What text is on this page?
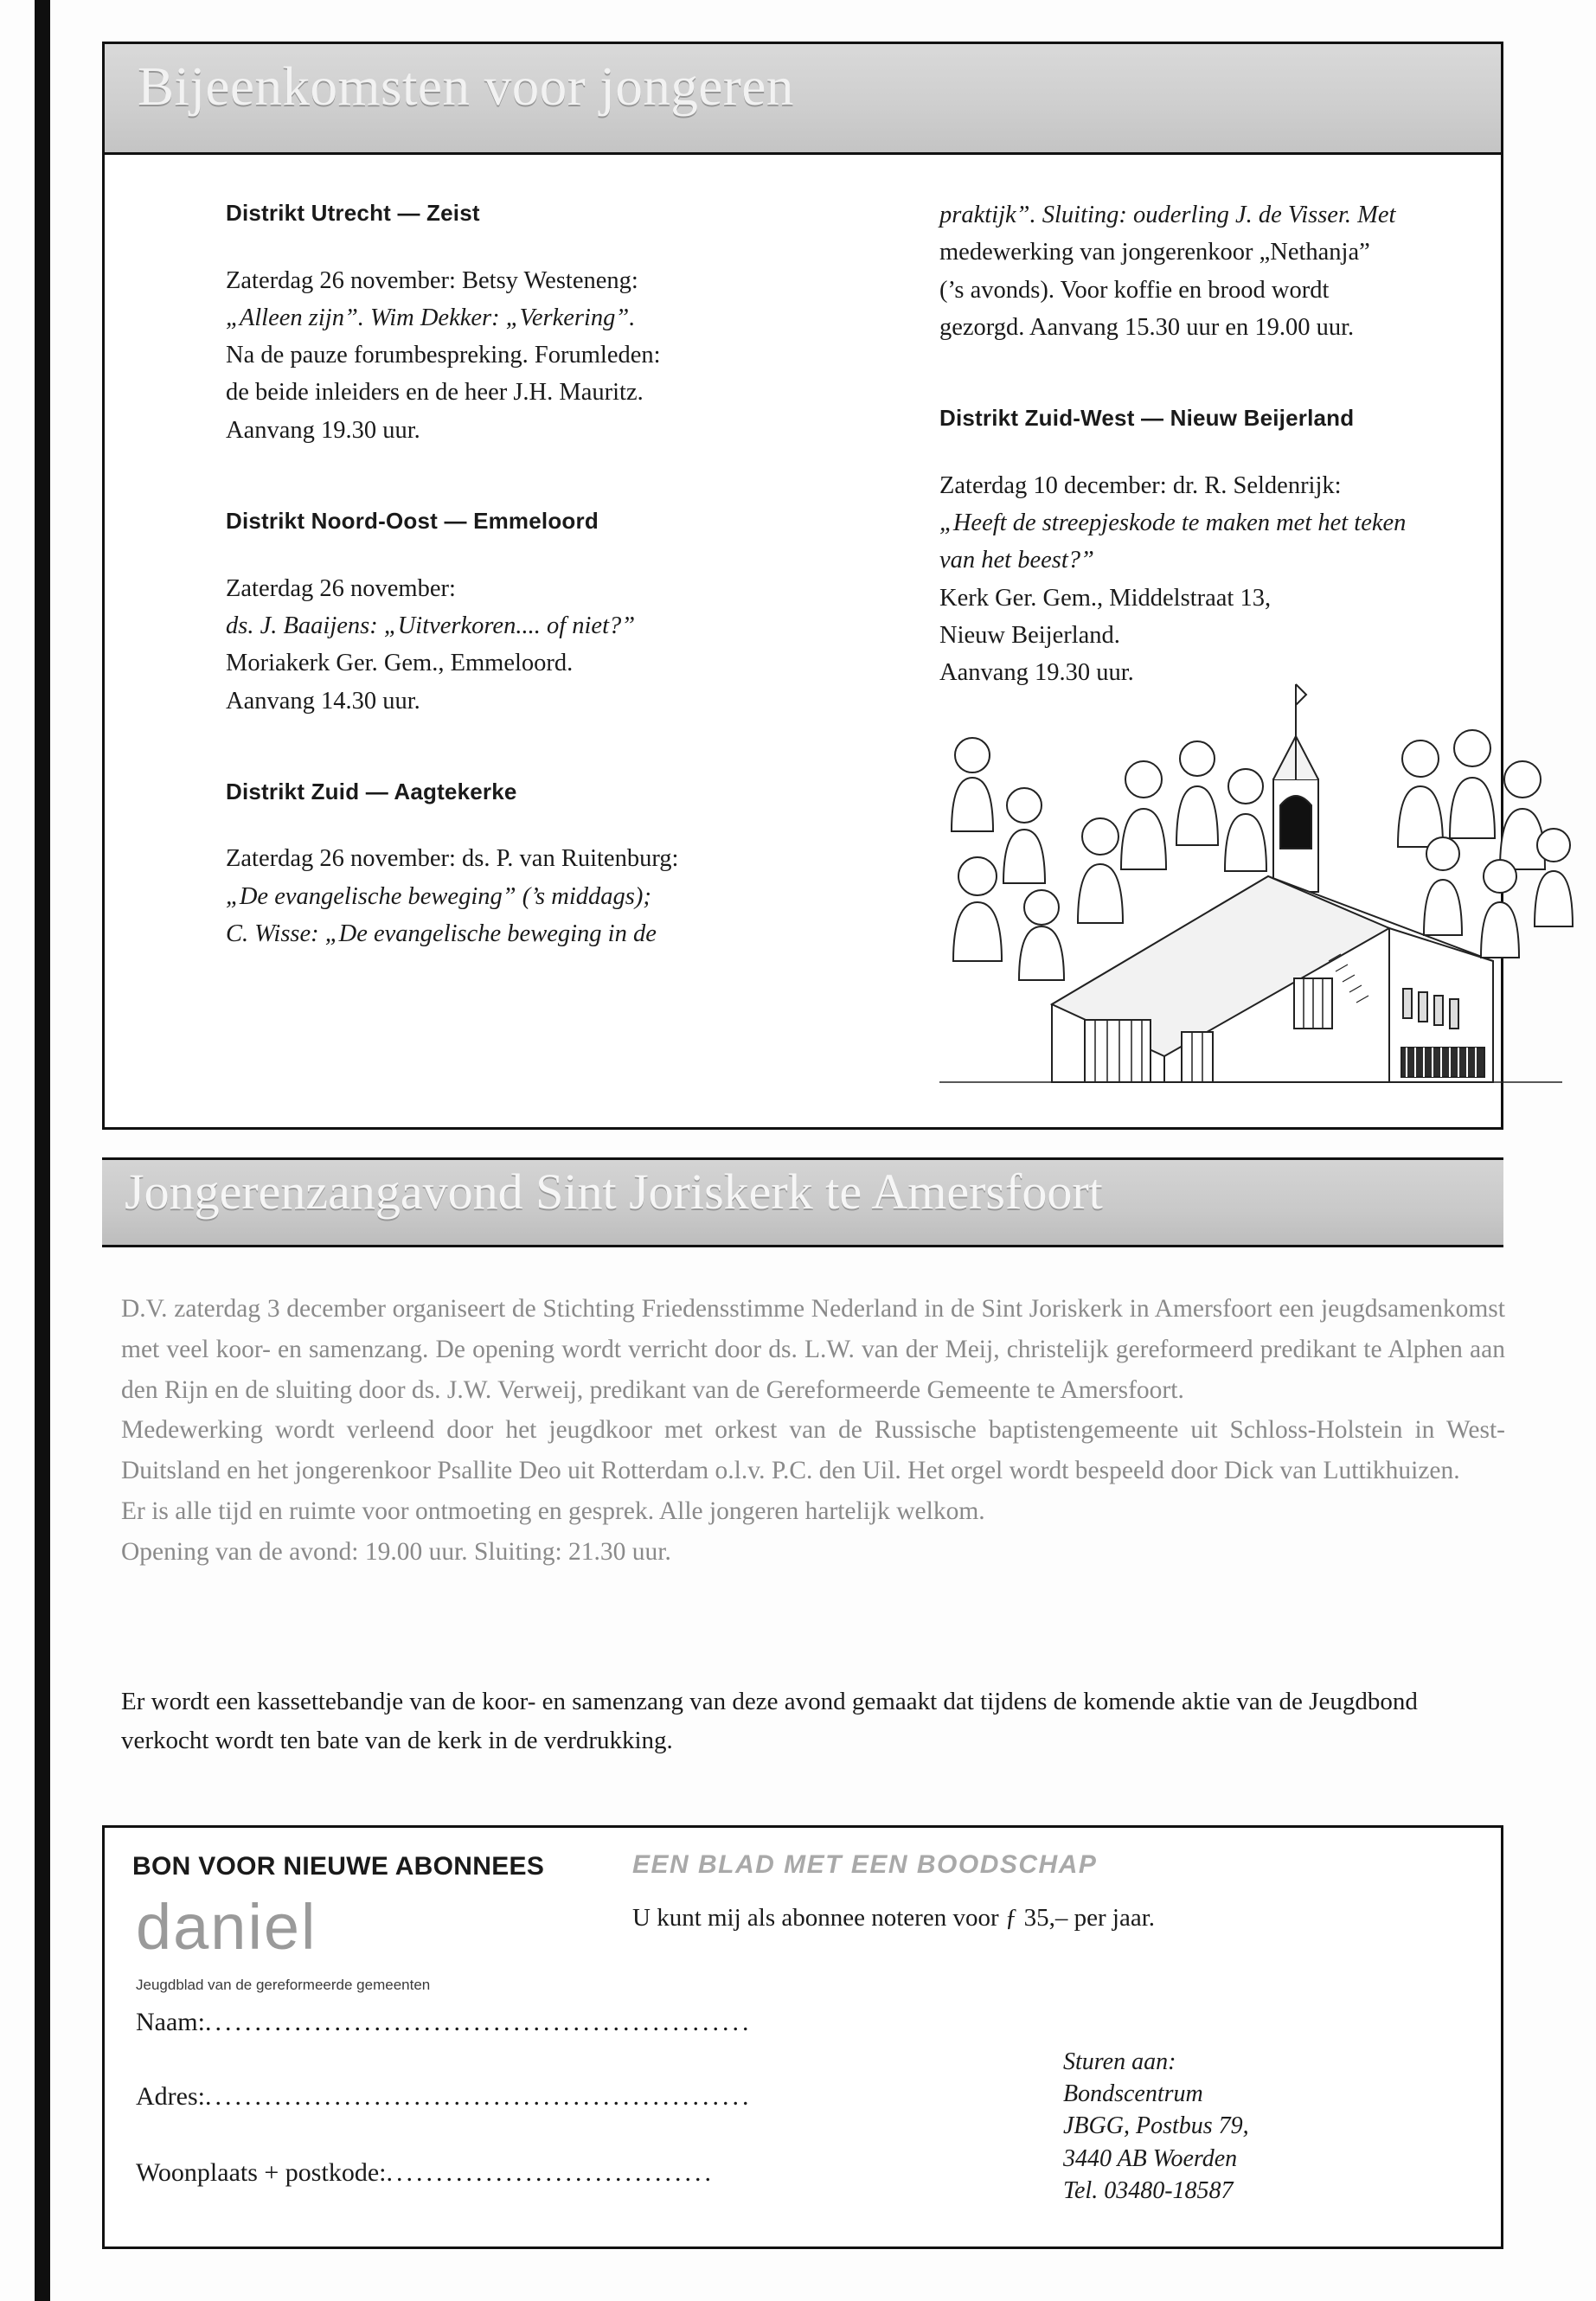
Bijeenkomsten voor jongeren
Distrikt Utrecht — Zeist
Zaterdag 26 november: Betsy Westeneng:
„Alleen zijn”. Wim Dekker: „Verkering”.
Na de pauze forumbespreking. Forumleden:
de beide inleiders en de heer J.H. Mauritz.
Aanvang 19.30 uur.
Distrikt Noord-Oost — Emmeloord
Zaterdag 26 november:
ds. J. Baaijens: „Uitverkoren.... of niet?”
Moriakerk Ger. Gem., Emmeloord.
Aanvang 14.30 uur.
Distrikt Zuid — Aagtekerke
Zaterdag 26 november: ds. P. van Ruitenburg:
„De evangelische beweging” (’s middags);
C. Wisse: „De evangelische beweging in de
praktijk”. Sluiting: ouderling J. de Visser. Met
medewerking van jongerenkoor „Nethanja”
(’s avonds). Voor koffie en brood wordt
gezorgd. Aanvang 15.30 uur en 19.00 uur.
Distrikt Zuid-West — Nieuw Beijerland
Zaterdag 10 december: dr. R. Seldenrijk:
„Heeft de streepjeskode te maken met het teken
van het beest?”
Kerk Ger. Gem., Middelstraat 13,
Nieuw Beijerland.
Aanvang 19.30 uur.
Jongerenzangavond Sint Joriskerk te Amersfoort

D.V. zaterdag 3 december organiseert de Stichting Friedensstimme Nederland in de Sint Joriskerk in Amersfoort een jeugdsamenkomst met veel koor- en samenzang. De opening wordt verricht door ds. L.W. van der Meij, christelijk gereformeerd predikant te Alphen aan den Rijn en de sluiting door ds. J.W. Verweij, predikant van de Gereformeerde Gemeente te Amersfoort.

Medewerking wordt verleend door het jeugdkoor met orkest van de Russische baptistengemeente uit Schloss-Holstein in West-Duitsland en het jongerenkoor Psallite Deo uit Rotterdam o.l.v. P.C. den Uil. Het orgel wordt bespeeld door Dick van Luttikhuizen.

Er is alle tijd en ruimte voor ontmoeting en gesprek. Alle jongeren hartelijk welkom.

Opening van de avond: 19.00 uur. Sluiting: 21.30 uur.

Er wordt een kassettebandje van de koor- en samenzang van deze avond gemaakt dat tijdens de komende aktie van de Jeugdbond verkocht wordt ten bate van de kerk in de verdrukking.
BON VOOR NIEUWE ABONNEES
daniel
Jeugdblad van de gereformeerde gemeenten
EEN BLAD MET EEN BOODSCHAP
U kunt mij als abonnee noteren voor ƒ 35,– per jaar.
Naam:.......................................................
Adres:.......................................................
Woonplaats + postkode:.................................
Sturen aan:
Bondscentrum
JBGG, Postbus 79,
3440 AB Woerden
Tel. 03480-18587
